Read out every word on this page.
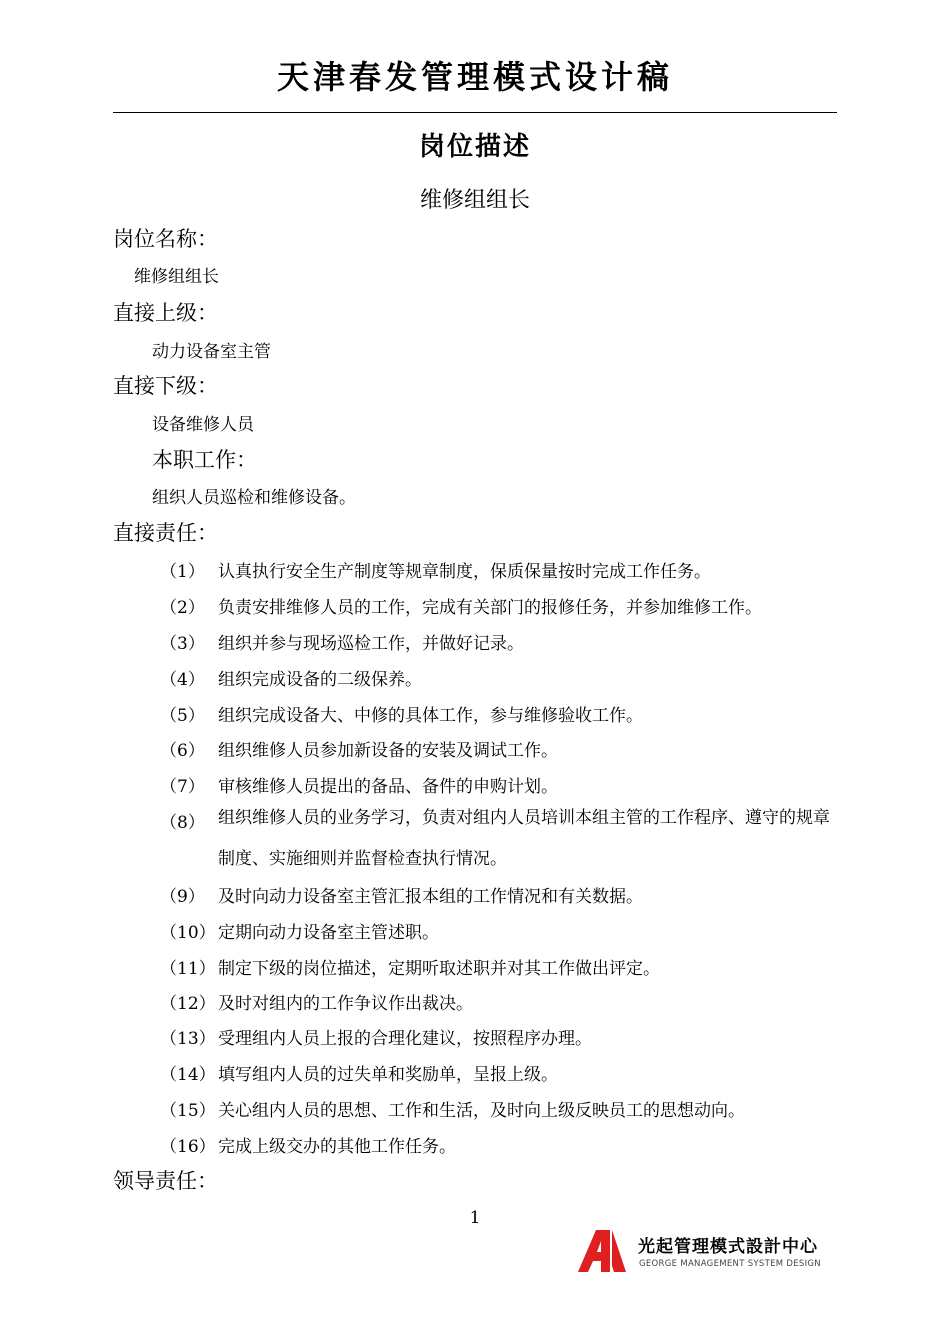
天津春发管理模式设计稿
岗位描述
维修组组长
岗位名称：
维修组组长
直接上级：
动力设备室主管
直接下级：
设备维修人员
本职工作：
组织人员巡检和维修设备。
直接责任：
（1） 认真执行安全生产制度等规章制度，保质保量按时完成工作任务。
（2） 负责安排维修人员的工作，完成有关部门的报修任务，并参加维修工作。
（3） 组织并参与现场巡检工作，并做好记录。
（4） 组织完成设备的二级保养。
（5） 组织完成设备大、中修的具体工作，参与维修验收工作。
（6） 组织维修人员参加新设备的安装及调试工作。
（7） 审核维修人员提出的备品、备件的申购计划。
（8） 组织维修人员的业务学习，负责对组内人员培训本组主管的工作程序、遵守的规章制度、实施细则并监督检查执行情况。
（9） 及时向动力设备室主管汇报本组的工作情况和有关数据。
（10） 定期向动力设备室主管述职。
（11） 制定下级的岗位描述，定期听取述职并对其工作做出评定。
（12） 及时对组内的工作争议作出裁决。
（13） 受理组内人员上报的合理化建议，按照程序办理。
（14） 填写组内人员的过失单和奖励单，呈报上级。
（15） 关心组内人员的思想、工作和生活，及时向上级反映员工的思想动向。
（16） 完成上级交办的其他工作任务。
领导责任：
1
光起管理模式設計中心
GEORGE MANAGEMENT SYSTEM DESIGN
